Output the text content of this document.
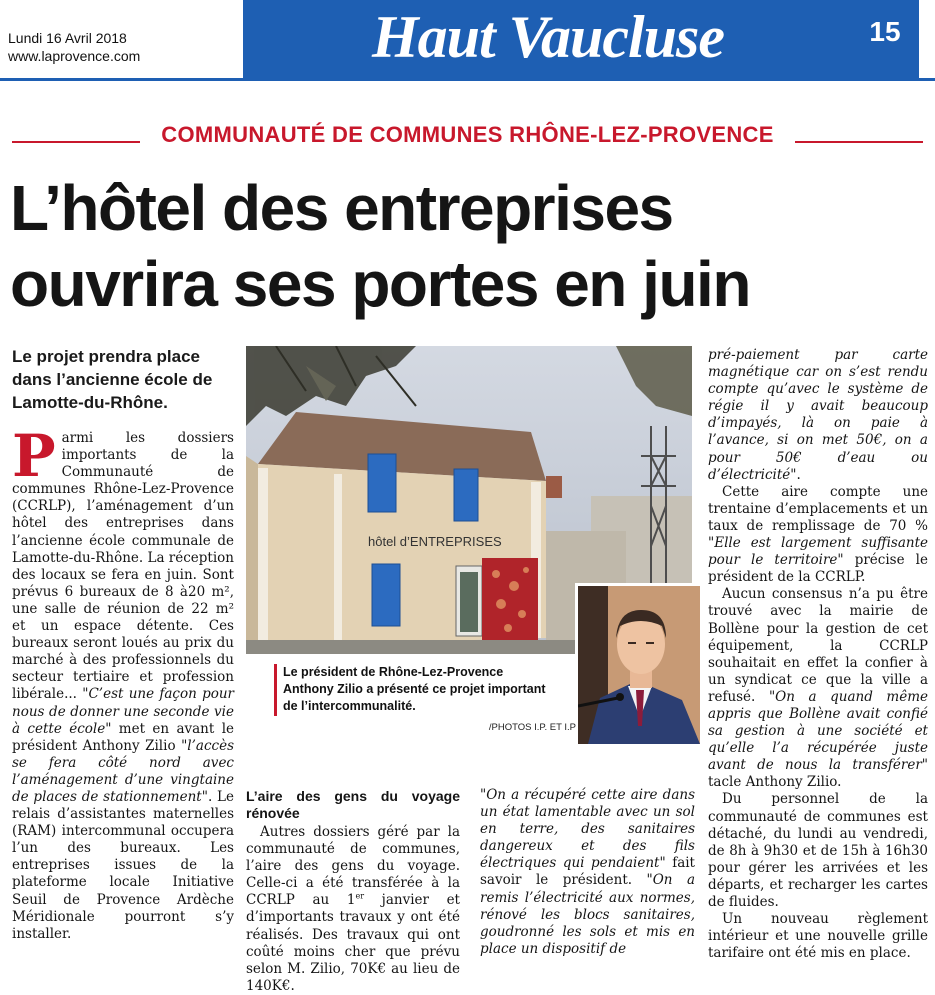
Lundi 16 Avril 2018
www.laprovence.com	Haut Vaucluse	15
COMMUNAUTÉ DE COMMUNES RHÔNE-LEZ-PROVENCE
L’hôtel des entreprises
ouvrira ses portes en juin
Le projet prendra place dans l’ancienne école de Lamotte-du-Rhône.

Parmi les dossiers importants de la Communauté de communes Rhône-Lez-Provence (CCRLP), l’aménagement d’un hôtel des entreprises dans l’ancienne école communale de Lamotte-du-Rhône. La réception des locaux se fera en juin. Sont prévus 6 bureaux de 8 à20 m², une salle de réunion de 22 m² et un espace détente. Ces bureaux seront loués au prix du marché à des professionnels du secteur tertiaire et profession libérale... "C’est une façon pour nous de donner une seconde vie à cette école" met en avant le président Anthony Zilio "l’accès se fera côté nord avec l’aménagement d’une vingtaine de places de stationnement". Le relais d’assistantes maternelles (RAM) intercommunal occupera l’un des bureaux. Les entreprises issues de la plateforme locale Initiative Seuil de Provence Ardèche Méridionale pourront s’y installer.

hôtel d’ENTREPRISES
Le président de Rhône-Lez-Provence Anthony Zilio a présenté ce projet important de l’intercommunalité.
/PHOTOS I.P. ET I.P
L’aire des gens du voyage rénovée

Autres dossiers géré par la communauté de communes, l’aire des gens du voyage. Celle-ci a été transférée à la CCRLP au 1er janvier et d’importants travaux y ont été réalisés. Des travaux qui ont coûté moins cher que prévu selon M. Zilio, 70K€ au lieu de 140K€.

"On a récupéré cette aire dans un état lamentable avec un sol en terre, des sanitaires dangereux et des fils électriques qui pendaient" fait savoir le président. "On a remis l’électricité aux normes, rénové les blocs sanitaires, goudronné les sols et mis en place un dispositif de

pré-paiement par carte magnétique car on s’est rendu compte qu’avec le système de régie il y avait beaucoup d’impayés, là on paie à l’avance, si on met 50€, on a pour 50€ d’eau ou d’électricité".

Cette aire compte une trentaine d’emplacements et un taux de remplissage de 70 % "Elle est largement suffisante pour le territoire" précise le président de la CCRLP.

Aucun consensus n’a pu être trouvé avec la mairie de Bollène pour la gestion de cet équipement, la CCRLP souhaitait en effet la confier à un syndicat ce que la ville a refusé. "On a quand même appris que Bollène avait confié sa gestion à une société et qu’elle l’a récupérée juste avant de nous la transférer" tacle Anthony Zilio.

Du personnel de la communauté de communes est détaché, du lundi au vendredi, de 8h à 9h30 et de 15h à 16h30 pour gérer les arrivées et les départs, et recharger les cartes de fluides.

Un nouveau règlement intérieur et une nouvelle grille tarifaire ont été mis en place.
